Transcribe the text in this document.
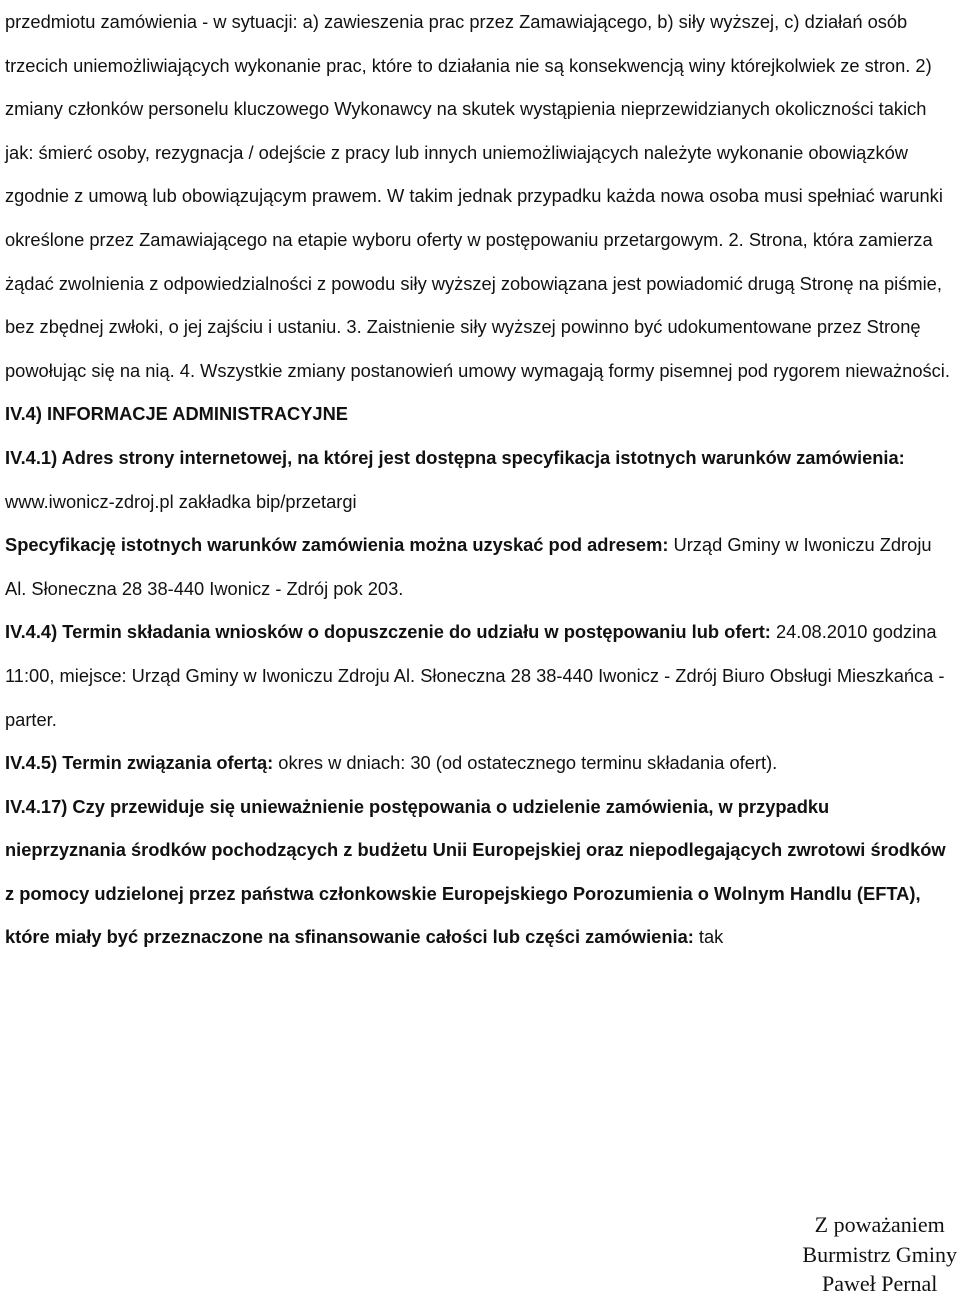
przedmiotu zamówienia - w sytuacji: a) zawieszenia prac przez Zamawiającego, b) siły wyższej, c) działań osób trzecich uniemożliwiających wykonanie prac, które to działania nie są konsekwencją winy którejkolwiek ze stron. 2) zmiany członków personelu kluczowego Wykonawcy na skutek wystąpienia nieprzewidzianych okoliczności takich jak: śmierć osoby, rezygnacja / odejście z pracy lub innych uniemożliwiających należyte wykonanie obowiązków zgodnie z umową lub obowiązującym prawem. W takim jednak przypadku każda nowa osoba musi spełniać warunki określone przez Zamawiającego na etapie wyboru oferty w postępowaniu przetargowym. 2. Strona, która zamierza żądać zwolnienia z odpowiedzialności z powodu siły wyższej zobowiązana jest powiadomić drugą Stronę na piśmie, bez zbędnej zwłoki, o jej zajściu i ustaniu. 3. Zaistnienie siły wyższej powinno być udokumentowane przez Stronę powołując się na nią. 4. Wszystkie zmiany postanowień umowy wymagają formy pisemnej pod rygorem nieważności.

IV.4) INFORMACJE ADMINISTRACYJNE

IV.4.1) Adres strony internetowej, na której jest dostępna specyfikacja istotnych warunków zamówienia: www.iwonicz-zdroj.pl zakładka bip/przetargi

Specyfikację istotnych warunków zamówienia można uzyskać pod adresem: Urząd Gminy w Iwoniczu Zdroju Al. Słoneczna 28 38-440 Iwonicz - Zdrój pok 203.

IV.4.4) Termin składania wniosków o dopuszczenie do udziału w postępowaniu lub ofert: 24.08.2010 godzina 11:00, miejsce: Urząd Gminy w Iwoniczu Zdroju Al. Słoneczna 28 38-440 Iwonicz - Zdrój Biuro Obsługi Mieszkańca - parter.

IV.4.5) Termin związania ofertą: okres w dniach: 30 (od ostatecznego terminu składania ofert).

IV.4.17) Czy przewiduje się unieważnienie postępowania o udzielenie zamówienia, w przypadku nieprzyznania środków pochodzących z budżetu Unii Europejskiej oraz niepodlegających zwrotowi środków z pomocy udzielonej przez państwa członkowskie Europejskiego Porozumienia o Wolnym Handlu (EFTA), które miały być przeznaczone na sfinansowanie całości lub części zamówienia: tak

Z poważaniem
Burmistrz Gminy
Paweł Pernal
